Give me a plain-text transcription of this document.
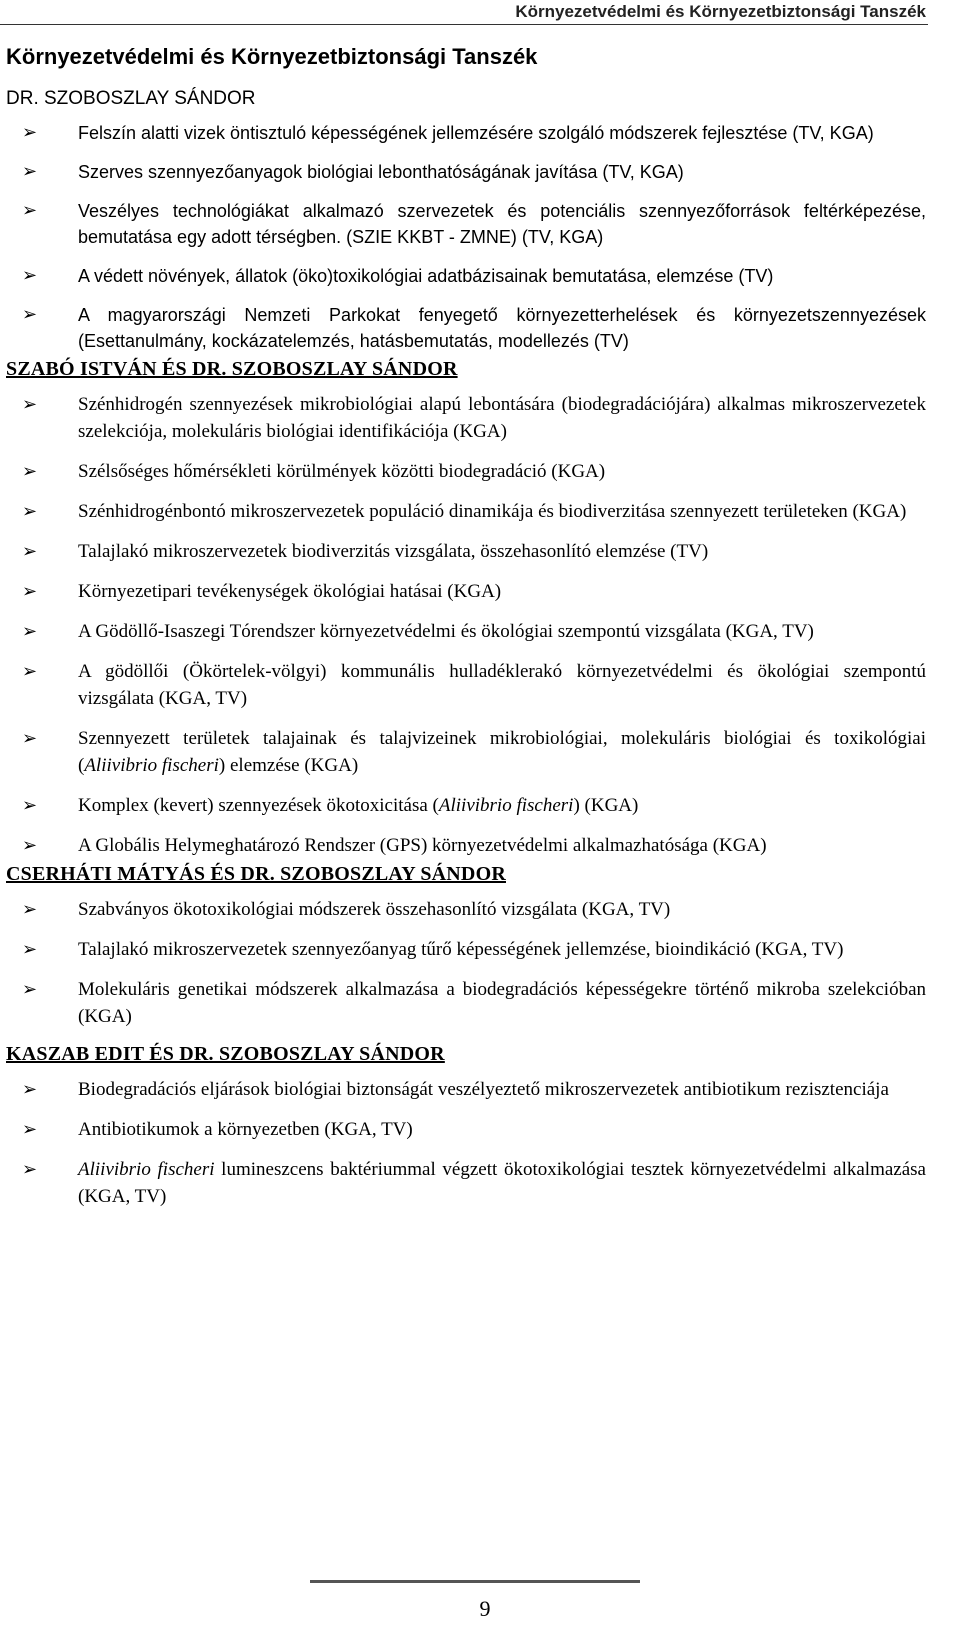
Környezetvédelmi és Környezetbiztonsági Tanszék
Környezetvédelmi és Környezetbiztonsági Tanszék
DR. SZOBOSZLAY SÁNDOR
➢ Felszín alatti vizek öntisztuló képességének jellemzésére szolgáló módszerek fejlesztése (TV, KGA)
➢ Szerves szennyezőanyagok biológiai lebonthatóságának javítása (TV, KGA)
➢ Veszélyes technológiákat alkalmazó szervezetek és potenciális szennyezőforrások feltérképezése, bemutatása egy adott térségben. (SZIE KKBT - ZMNE) (TV, KGA)
➢ A védett növények, állatok (öko)toxikológiai adatbázisainak bemutatása, elemzése (TV)
➢ A magyarországi Nemzeti Parkokat fenyegető környezetterhelések és környezetszennyezések (Esettanulmány, kockázatelemzés, hatásbemutatás, modellezés (TV)
SZABÓ ISTVÁN ÉS DR. SZOBOSZLAY SÁNDOR
➢ Szénhidrogén szennyezések mikrobiológiai alapú lebontására (biodegradációjára) alkalmas mikroszervezetek szelekciója, molekuláris biológiai identifikációja (KGA)
➢ Szélsőséges hőmérsékleti körülmények közötti biodegradáció (KGA)
➢ Szénhidrogénbontó mikroszervezetek populáció dinamikája és biodiverzitása szennyezett területeken (KGA)
➢ Talajlakó mikroszervezetek biodiverzitás vizsgálata, összehasonlító elemzése (TV)
➢ Környezetipari tevékenységek ökológiai hatásai (KGA)
➢ A Gödöllő-Isaszegi Tórendszer környezetvédelmi és ökológiai szempontú vizsgálata (KGA, TV)
➢ A gödöllői (Ökörtelek-völgyi) kommunális hulladéklerakó környezetvédelmi és ökológiai szempontú vizsgálata (KGA, TV)
➢ Szennyezett területek talajainak és talajvizeinek mikrobiológiai, molekuláris biológiai és toxikológiai (Aliivibrio fischeri) elemzése (KGA)
➢ Komplex (kevert) szennyezések ökotoxicitása (Aliivibrio fischeri) (KGA)
➢ A Globális Helymeghatározó Rendszer (GPS) környezetvédelmi alkalmazhatósága (KGA)
CSERHÁTI MÁTYÁS ÉS DR. SZOBOSZLAY SÁNDOR
➢ Szabványos ökotoxikológiai módszerek összehasonlító vizsgálata (KGA, TV)
➢ Talajlakó mikroszervezetek szennyezőanyag tűrő képességének jellemzése, bioindikáció (KGA, TV)
➢ Molekuláris genetikai módszerek alkalmazása a biodegradációs képességekre történő mikroba szelekcióban (KGA)
KASZAB EDIT ÉS DR. SZOBOSZLAY SÁNDOR
➢ Biodegradációs eljárások biológiai biztonságát veszélyeztető mikroszervezetek antibiotikum rezisztenciája
➢ Antibiotikumok a környezetben (KGA, TV)
➢ Aliivibrio fischeri lumineszcens baktériummal végzett ökotoxikológiai tesztek környezetvédelmi alkalmazása (KGA, TV)
9
